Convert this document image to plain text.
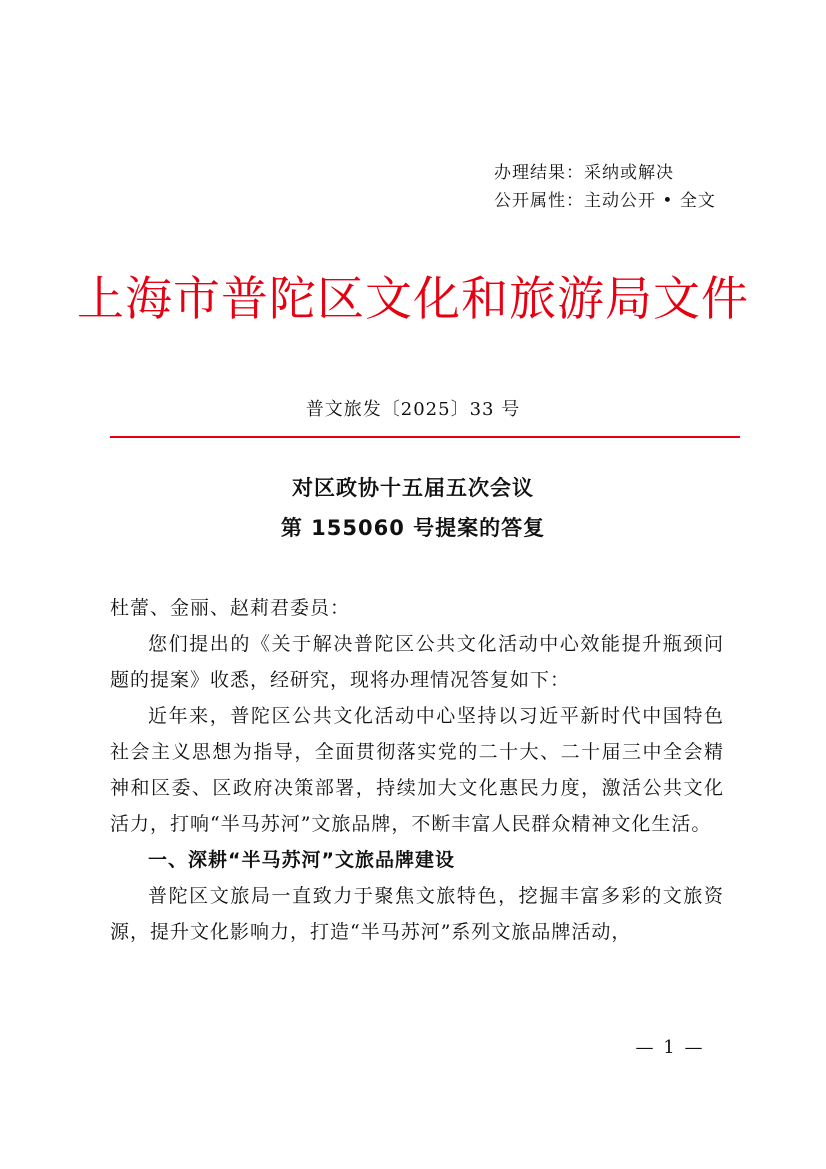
办理结果：采纳或解决
公开属性：主动公开 • 全文
上海市普陀区文化和旅游局文件
普文旅发〔2025〕33 号
对区政协十五届五次会议
第 155060 号提案的答复

杜蕾、金丽、赵莉君委员：

您们提出的《关于解决普陀区公共文化活动中心效能提升瓶颈问题的提案》收悉，经研究，现将办理情况答复如下：

近年来，普陀区公共文化活动中心坚持以习近平新时代中国特色社会主义思想为指导，全面贯彻落实党的二十大、二十届三中全会精神和区委、区政府决策部署，持续加大文化惠民力度，激活公共文化活力，打响“半马苏河”文旅品牌，不断丰富人民群众精神文化生活。

一、深耕“半马苏河”文旅品牌建设

普陀区文旅局一直致力于聚焦文旅特色，挖掘丰富多彩的文旅资源，提升文化影响力，打造“半马苏河”系列文旅品牌活动，

— 1 —
